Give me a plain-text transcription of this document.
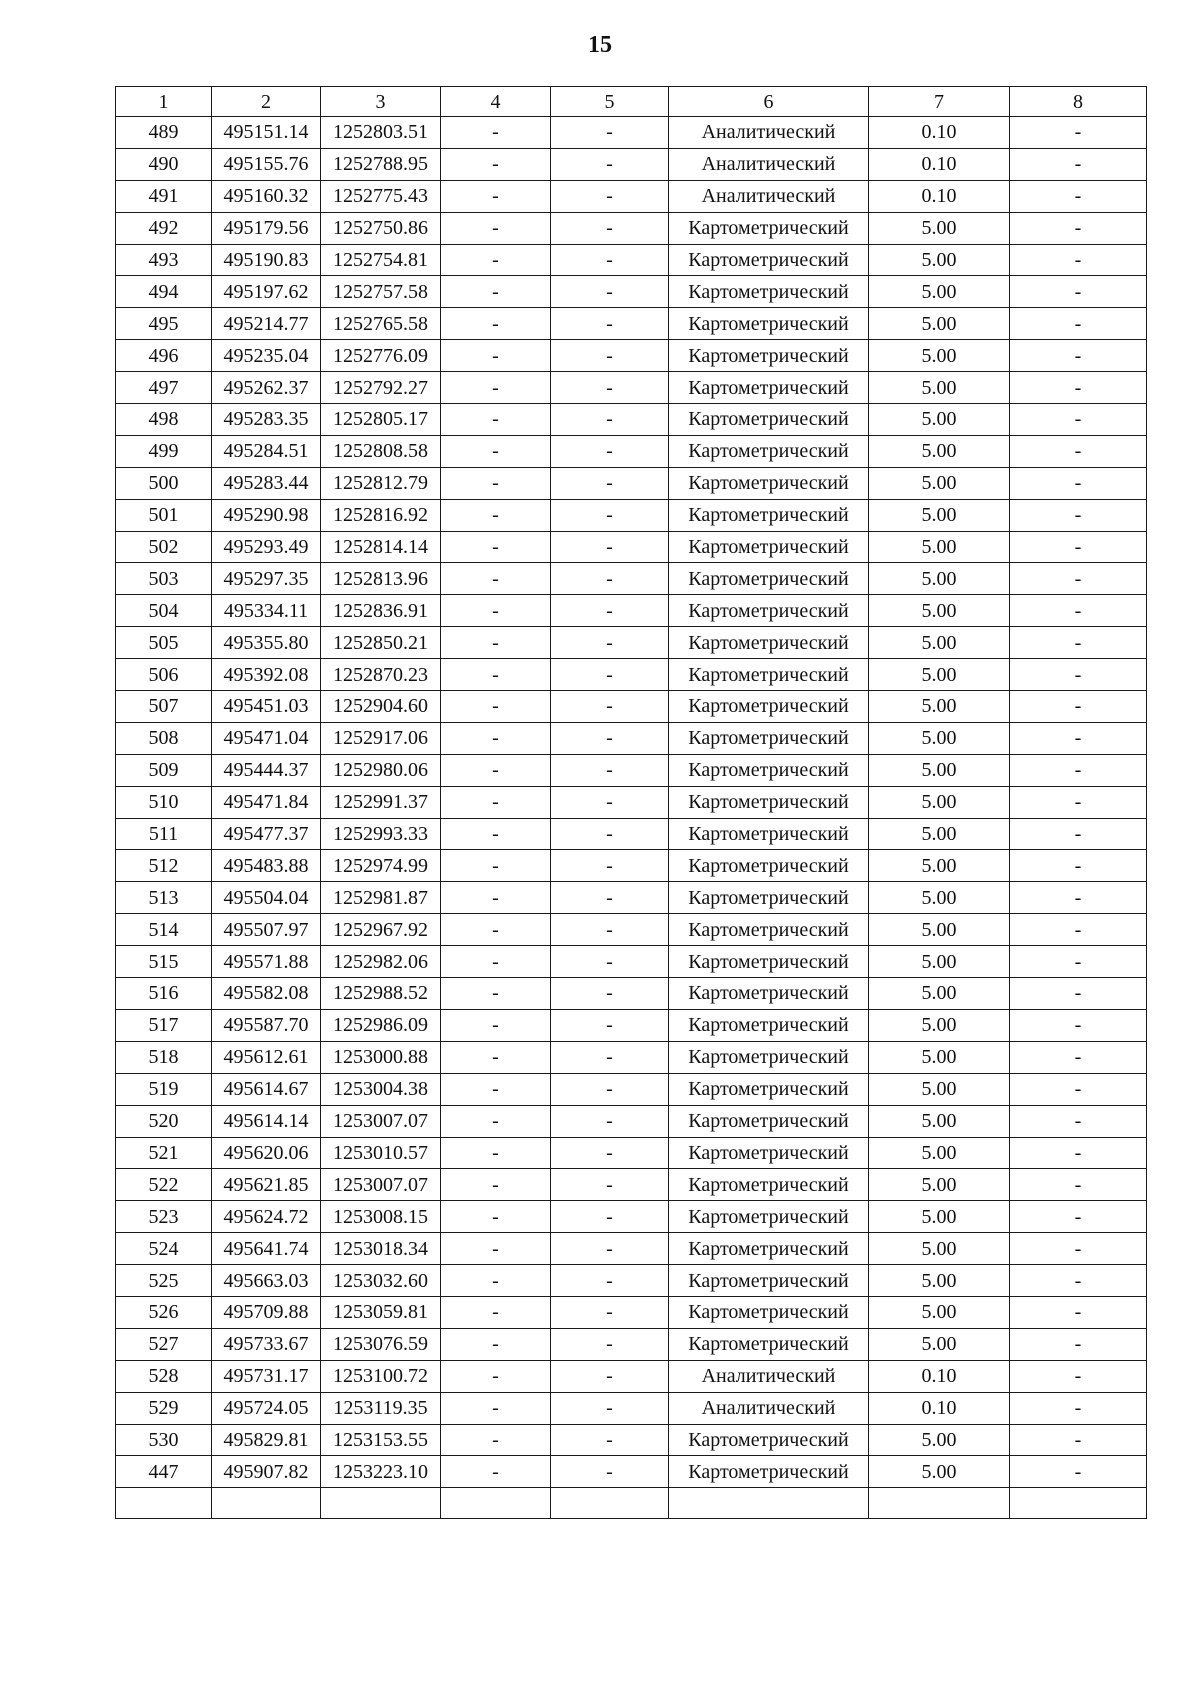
15
1	2	3	4	5	6	7	8
489	495151.14	1252803.51	-	-	Аналитический	0.10	-
490	495155.76	1252788.95	-	-	Аналитический	0.10	-
491	495160.32	1252775.43	-	-	Аналитический	0.10	-
492	495179.56	1252750.86	-	-	Картометрический	5.00	-
493	495190.83	1252754.81	-	-	Картометрический	5.00	-
494	495197.62	1252757.58	-	-	Картометрический	5.00	-
495	495214.77	1252765.58	-	-	Картометрический	5.00	-
496	495235.04	1252776.09	-	-	Картометрический	5.00	-
497	495262.37	1252792.27	-	-	Картометрический	5.00	-
498	495283.35	1252805.17	-	-	Картометрический	5.00	-
499	495284.51	1252808.58	-	-	Картометрический	5.00	-
500	495283.44	1252812.79	-	-	Картометрический	5.00	-
501	495290.98	1252816.92	-	-	Картометрический	5.00	-
502	495293.49	1252814.14	-	-	Картометрический	5.00	-
503	495297.35	1252813.96	-	-	Картометрический	5.00	-
504	495334.11	1252836.91	-	-	Картометрический	5.00	-
505	495355.80	1252850.21	-	-	Картометрический	5.00	-
506	495392.08	1252870.23	-	-	Картометрический	5.00	-
507	495451.03	1252904.60	-	-	Картометрический	5.00	-
508	495471.04	1252917.06	-	-	Картометрический	5.00	-
509	495444.37	1252980.06	-	-	Картометрический	5.00	-
510	495471.84	1252991.37	-	-	Картометрический	5.00	-
511	495477.37	1252993.33	-	-	Картометрический	5.00	-
512	495483.88	1252974.99	-	-	Картометрический	5.00	-
513	495504.04	1252981.87	-	-	Картометрический	5.00	-
514	495507.97	1252967.92	-	-	Картометрический	5.00	-
515	495571.88	1252982.06	-	-	Картометрический	5.00	-
516	495582.08	1252988.52	-	-	Картометрический	5.00	-
517	495587.70	1252986.09	-	-	Картометрический	5.00	-
518	495612.61	1253000.88	-	-	Картометрический	5.00	-
519	495614.67	1253004.38	-	-	Картометрический	5.00	-
520	495614.14	1253007.07	-	-	Картометрический	5.00	-
521	495620.06	1253010.57	-	-	Картометрический	5.00	-
522	495621.85	1253007.07	-	-	Картометрический	5.00	-
523	495624.72	1253008.15	-	-	Картометрический	5.00	-
524	495641.74	1253018.34	-	-	Картометрический	5.00	-
525	495663.03	1253032.60	-	-	Картометрический	5.00	-
526	495709.88	1253059.81	-	-	Картометрический	5.00	-
527	495733.67	1253076.59	-	-	Картометрический	5.00	-
528	495731.17	1253100.72	-	-	Аналитический	0.10	-
529	495724.05	1253119.35	-	-	Аналитический	0.10	-
530	495829.81	1253153.55	-	-	Картометрический	5.00	-
447	495907.82	1253223.10	-	-	Картометрический	5.00	-
